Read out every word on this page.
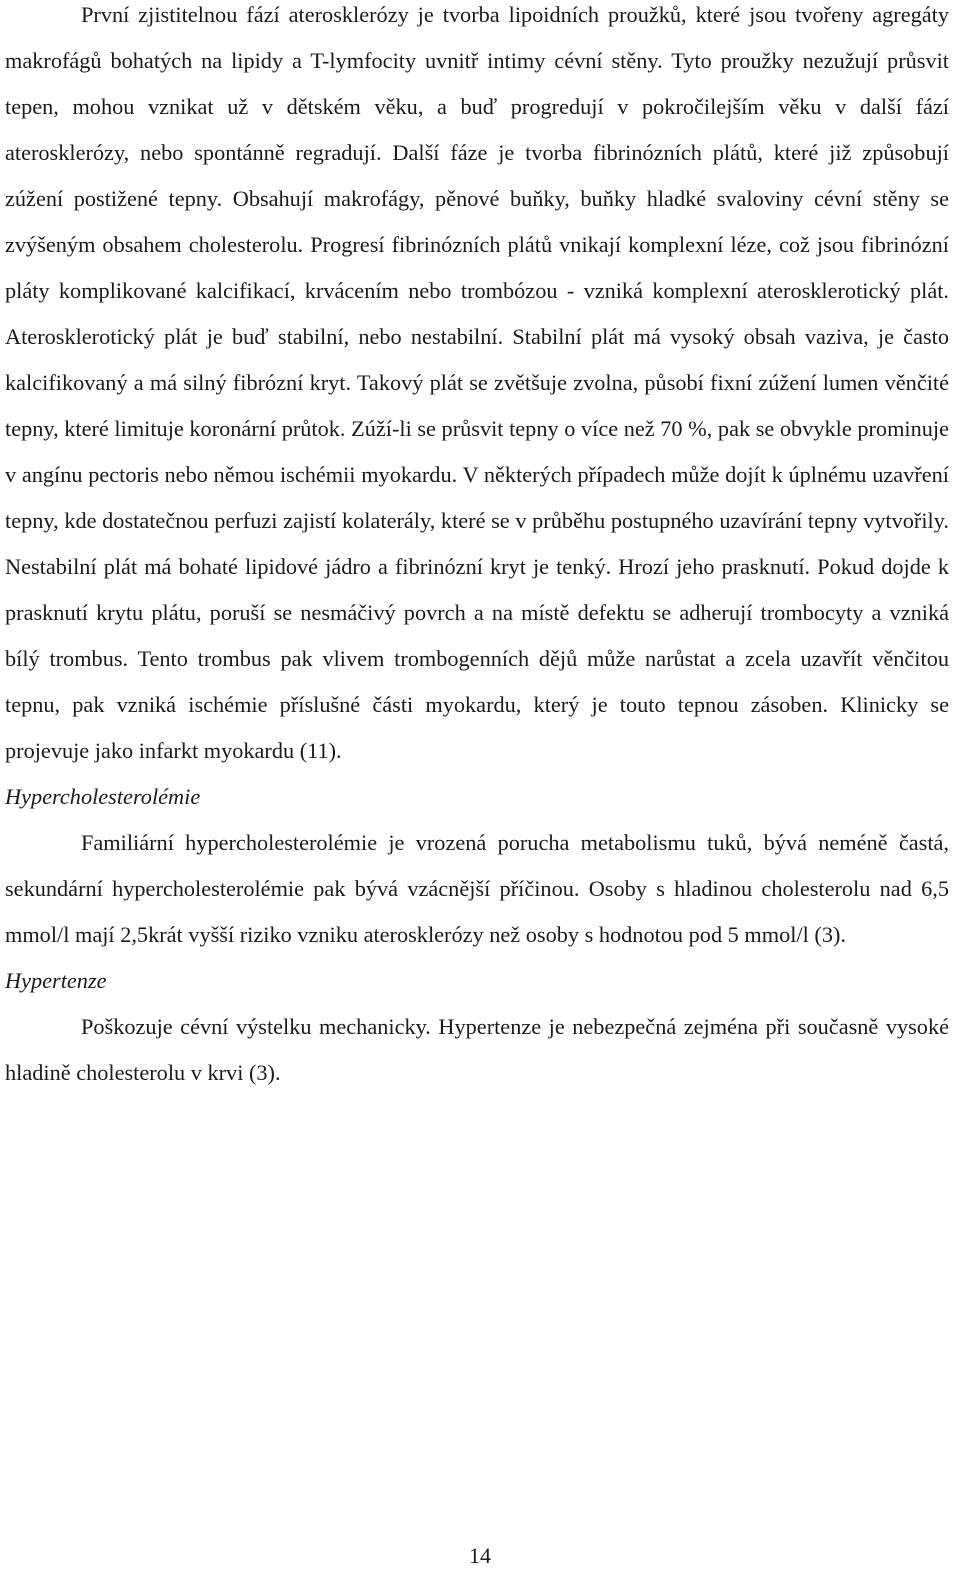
První zjistitelnou fází aterosklerózy je tvorba lipoidních proužků, které jsou tvořeny agregáty makrofágů bohatých na lipidy a T-lymfocity uvnitř intimy cévní stěny. Tyto proužky nezužují průsvit tepen, mohou vznikat už v dětském věku, a buď progredují v pokročilejším věku v další fází aterosklerózy, nebo spontánně regradují. Další fáze je tvorba fibrinózních plátů, které již způsobují zúžení postižené tepny. Obsahují makrofágy, pěnové buňky, buňky hladké svaloviny cévní stěny se zvýšeným obsahem cholesterolu. Progresí fibrinózních plátů vnikají komplexní léze, což jsou fibrinózní pláty komplikované kalcifikací, krvácením nebo trombózou - vzniká komplexní aterosklerotický plát. Aterosklerotický plát je buď stabilní, nebo nestabilní. Stabilní plát má vysoký obsah vaziva, je často kalcifikovaný a má silný fibrózní kryt. Takový plát se zvětšuje zvolna, působí fixní zúžení lumen věnčité tepny, které limituje koronární průtok. Zúží-li se průsvit tepny o více než 70 %, pak se obvykle prominuje v angínu pectoris nebo němou ischémii myokardu. V některých případech může dojít k úplnému uzavření tepny, kde dostatečnou perfuzi zajistí kolaterály, které se v průběhu postupného uzavírání tepny vytvořily. Nestabilní plát má bohaté lipidové jádro a fibrinózní kryt je tenký. Hrozí jeho prasknutí. Pokud dojde k prasknutí krytu plátu, poruší se nesmáčivý povrch a na místě defektu se adherují trombocyty a vzniká bílý trombus. Tento trombus pak vlivem trombogenních dějů může narůstat a zcela uzavřít věnčitou tepnu, pak vzniká ischémie příslušné části myokardu, který je touto tepnou zásoben. Klinicky se projevuje jako infarkt myokardu (11).

Hypercholesterolémie

Familiární hypercholesterolémie je vrozená porucha metabolismu tuků, bývá neméně častá, sekundární hypercholesterolémie pak bývá vzácnější příčinou. Osoby s hladinou cholesterolu nad 6,5 mmol/l mají 2,5krát vyšší riziko vzniku aterosklerózy než osoby s hodnotou pod 5 mmol/l (3).

Hypertenze

Poškozuje cévní výstelku mechanicky. Hypertenze je nebezpečná zejména při současně vysoké hladině cholesterolu v krvi (3).

14
